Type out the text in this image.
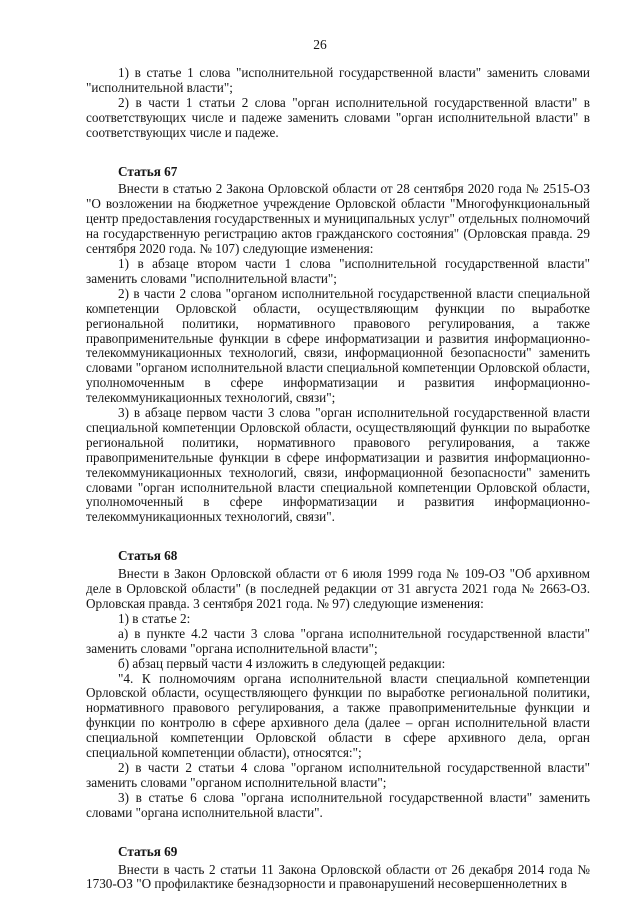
26

1) в статье 1 слова "исполнительной государственной власти" заменить словами "исполнительной власти";

2) в части 1 статьи 2 слова "орган исполнительной государственной власти" в соответствующих числе и падеже заменить словами "орган исполнительной власти" в соответствующих числе и падеже.

Статья 67

Внести в статью 2 Закона Орловской области от 28 сентября 2020 года № 2515-ОЗ "О возложении на бюджетное учреждение Орловской области "Многофункциональный центр предоставления государственных и муниципальных услуг" отдельных полномочий на государственную регистрацию актов гражданского состояния" (Орловская правда. 29 сентября 2020 года. № 107) следующие изменения:

1) в абзаце втором части 1 слова "исполнительной государственной власти" заменить словами "исполнительной власти";

2) в части 2 слова "органом исполнительной государственной власти специальной компетенции Орловской области, осуществляющим функции по выработке региональной политики, нормативного правового регулирования, а также правоприменительные функции в сфере информатизации и развития информационно-телекоммуникационных технологий, связи, информационной безопасности" заменить словами "органом исполнительной власти специальной компетенции Орловской области, уполномоченным в сфере информатизации и развития информационно-телекоммуникационных технологий, связи";

3) в абзаце первом части 3 слова "орган исполнительной государственной власти специальной компетенции Орловской области, осуществляющий функции по выработке региональной политики, нормативного правового регулирования, а также правоприменительные функции в сфере информатизации и развития информационно-телекоммуникационных технологий, связи, информационной безопасности" заменить словами "орган исполнительной власти специальной компетенции Орловской области, уполномоченный в сфере информатизации и развития информационно-телекоммуникационных технологий, связи".

Статья 68

Внести в Закон Орловской области от 6 июля 1999 года № 109-ОЗ "Об архивном деле в Орловской области" (в последней редакции от 31 августа 2021 года № 2663-ОЗ. Орловская правда. 3 сентября 2021 года. № 97) следующие изменения:

1) в статье 2:

а) в пункте 4.2 части 3 слова "органа исполнительной государственной власти" заменить словами "органа исполнительной власти";

б) абзац первый части 4 изложить в следующей редакции:

"4. К полномочиям органа исполнительной власти специальной компетенции Орловской области, осуществляющего функции по выработке региональной политики, нормативного правового регулирования, а также правоприменительные функции и функции по контролю в сфере архивного дела (далее – орган исполнительной власти специальной компетенции Орловской области в сфере архивного дела, орган специальной компетенции области), относятся:";

2) в части 2 статьи 4 слова "органом исполнительной государственной власти" заменить словами "органом исполнительной власти";

3) в статье 6 слова "органа исполнительной государственной власти" заменить словами "органа исполнительной власти".

Статья 69

Внести в часть 2 статьи 11 Закона Орловской области от 26 декабря 2014 года № 1730-ОЗ "О профилактике безнадзорности и правонарушений несовершеннолетних в
